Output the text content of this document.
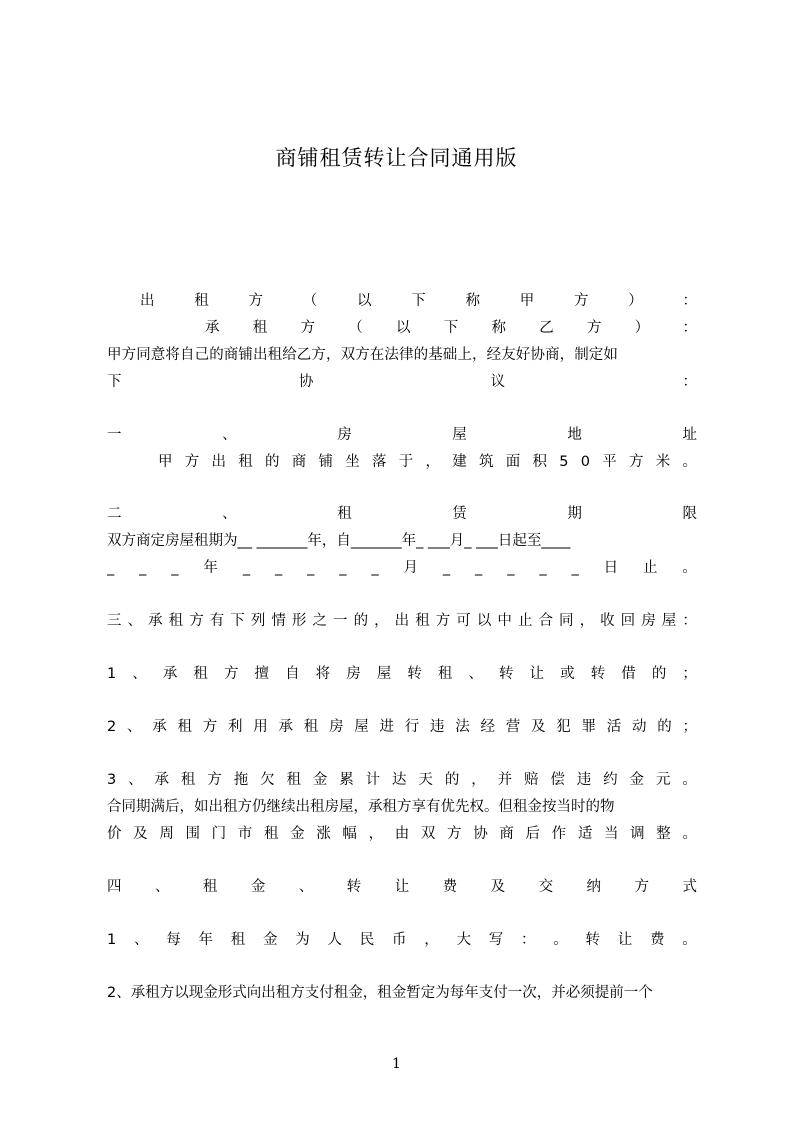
商铺租赁转让合同通用版
出	租	方	（	以	下	称	甲	方	）	：
承 租 方 （ 以 下 称 乙 方 ） ：
甲方同意将自己的商铺出租给乙方，双方在法律的基础上，经友好协商，制定如
下	协	议	：
一	、	房	屋	地	址
甲 方 出 租 的 商 铺 坐 落 于 ， 建 筑 面 积 5 0 平 方 米 。
二	、	租	赁	期	限
双方商定房屋租期为__ _______年，自_______年_ ___月_ ___日起至____
_ _ _ 年 _ _ _ _ _ 月 _ _ _ _ _ 日 止 。
三 、 承 租 方 有 下 列 情 形 之 一 的 ， 出 租 方 可 以 中 止 合 同 ， 收 回 房 屋 ：
1 、 承 租 方 擅 自 将 房 屋 转 租 、 转 让 或 转 借 的 ；
2 、 承 租 方 利 用 承 租 房 屋 进 行 违 法 经 营 及 犯 罪 活 动 的 ；
3 、 承 租 方 拖 欠 租 金 累 计 达 天 的 ， 并 赔 偿 违 约 金 元 。
合同期满后，如出租方仍继续出租房屋，承租方享有优先权。但租金按当时的物
价 及 周 围 门 市 租 金 涨 幅 ， 由 双 方 协 商 后 作 适 当 调 整 。
四 、 租 金 、 转 让 费 及 交 纳 方 式
1 、 每 年 租 金 为 人 民 币 ， 大 写 ： 。 转 让 费 。
2、承租方以现金形式向出租方支付租金，租金暂定为每年支付一次，并必须提前一个
1
